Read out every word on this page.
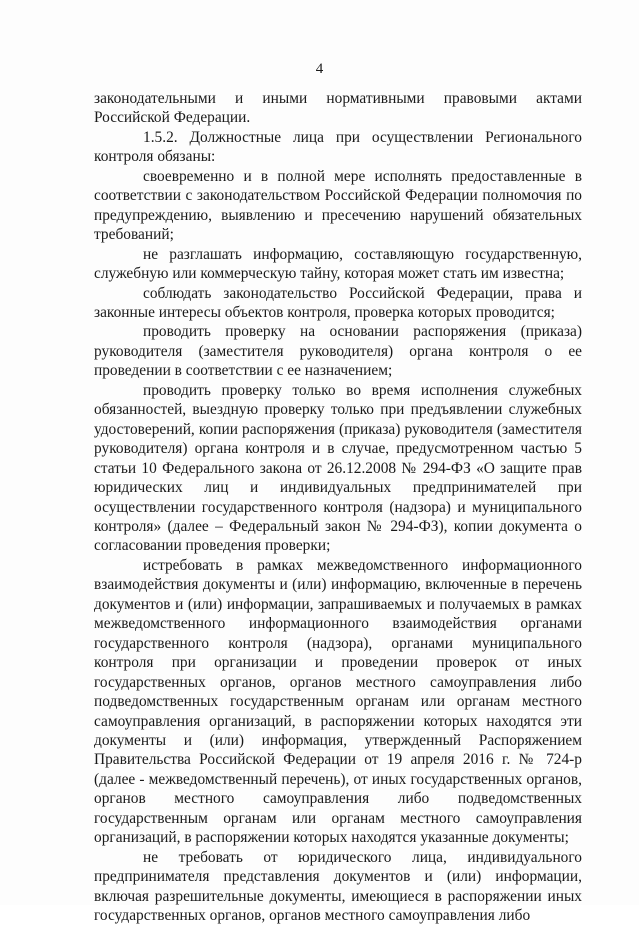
4

законодательными и иными нормативными правовыми актами Российской Федерации.

1.5.2. Должностные лица при осуществлении Регионального контроля обязаны:

своевременно и в полной мере исполнять предоставленные в соответствии с законодательством Российской Федерации полномочия по предупреждению, выявлению и пресечению нарушений обязательных требований;

не разглашать информацию, составляющую государственную, служебную или коммерческую тайну, которая может стать им известна;

соблюдать законодательство Российской Федерации, права и законные интересы объектов контроля, проверка которых проводится;

проводить проверку на основании распоряжения (приказа) руководителя (заместителя руководителя) органа контроля о ее проведении в соответствии с ее назначением;

проводить проверку только во время исполнения служебных обязанностей, выездную проверку только при предъявлении служебных удостоверений, копии распоряжения (приказа) руководителя (заместителя руководителя) органа контроля и в случае, предусмотренном частью 5 статьи 10 Федерального закона от 26.12.2008 № 294-ФЗ «О защите прав юридических лиц и индивидуальных предпринимателей при осуществлении государственного контроля (надзора) и муниципального контроля» (далее – Федеральный закон № 294-ФЗ), копии документа о согласовании проведения проверки;

истребовать в рамках межведомственного информационного взаимодействия документы и (или) информацию, включенные в перечень документов и (или) информации, запрашиваемых и получаемых в рамках межведомственного информационного взаимодействия органами государственного контроля (надзора), органами муниципального контроля при организации и проведении проверок от иных государственных органов, органов местного самоуправления либо подведомственных государственным органам или органам местного самоуправления организаций, в распоряжении которых находятся эти документы и (или) информация, утвержденный Распоряжением Правительства Российской Федерации от 19 апреля 2016 г. № 724-р (далее - межведомственный перечень), от иных государственных органов, органов местного самоуправления либо подведомственных государственным органам или органам местного самоуправления организаций, в распоряжении которых находятся указанные документы;

не требовать от юридического лица, индивидуального предпринимателя представления документов и (или) информации, включая разрешительные документы, имеющиеся в распоряжении иных государственных органов, органов местного самоуправления либо
